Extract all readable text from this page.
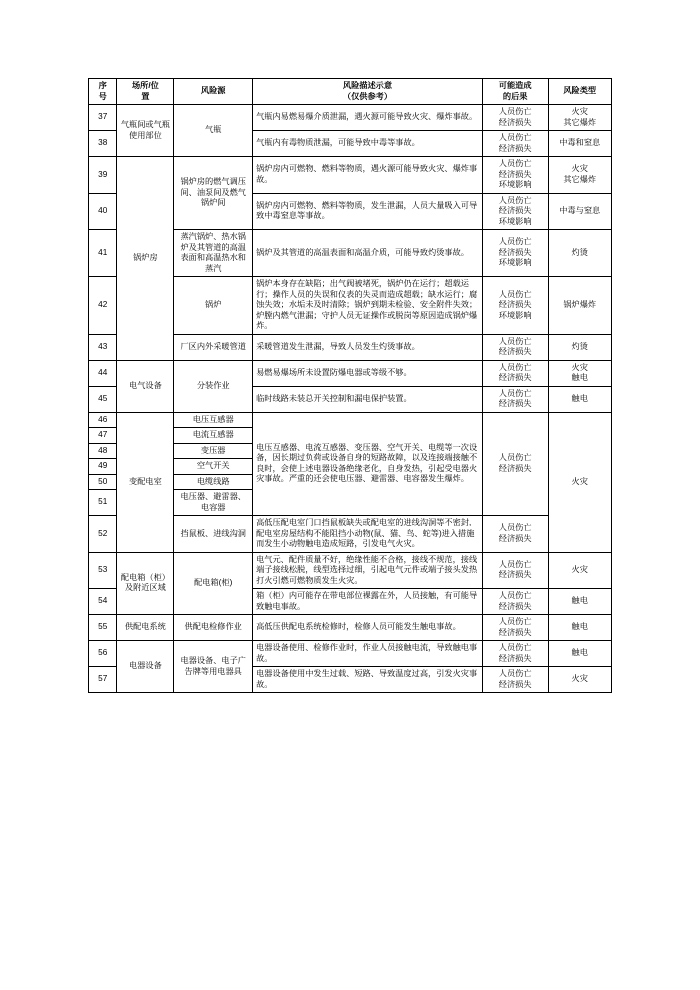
序
号

场所/位
置
	风险源	
风险描述示意
（仅供参考）

可能造成
的后果
	风险类型
37	气瓶间或气瓶使用部位	气瓶	气瓶内易燃易爆介质泄漏，遇火源可能导致火灾、爆炸事故。	人员伤亡
经济损失	火灾
其它爆炸
38			气瓶内有毒物质泄漏，可能导致中毒等事故。	人员伤亡
经济损失	中毒和窒息
39	锅炉房	锅炉房的燃气调压间、油泵间及燃气锅炉间	锅炉房内可燃物、燃料等物质，遇火源可能导致火灾、爆炸事故。	人员伤亡
经济损失
环境影响	火灾
其它爆炸
40			锅炉房内可燃物、燃料等物质，发生泄漏，人员大量吸入可导致中毒窒息等事故。	人员伤亡
经济损失
环境影响	中毒与窒息
41		蒸汽锅炉、热水锅炉及其管道的高温表面和高温热水和蒸汽	锅炉及其管道的高温表面和高温介质，可能导致灼烫事故。	人员伤亡
经济损失
环境影响	灼烫
42		锅炉	锅炉本身存在缺陷；出气阀被堵死，锅炉仍在运行；超载运行；操作人员的失误和仪表的失灵而造成超载；缺水运行；腐蚀失效；水垢未及时清除；锅炉到期未检验、安全附件失效；炉膛内燃气泄漏；守护人员无证操作或脱岗等原因造成锅炉爆炸。	人员伤亡
经济损失
环境影响	锅炉爆炸
43		厂区内外采暖管道	采暖管道发生泄漏，导致人员发生灼烫事故。	人员伤亡
经济损失	灼烫
44	电气设备	分装作业	易燃易爆场所未设置防爆电器或等级不够。	人员伤亡
经济损失	火灾
触电
45			临时线路未装总开关控制和漏电保护装置。	人员伤亡
经济损失	触电
46	变配电室	电压互感器	电压互感器、电流互感器、变压器、空气开关、电缆等一次设备，因长期过负荷或设备自身的短路故障，以及连接端接触不良时，会使上述电器设备绝缘老化，自身发热，引起受电器火灾事故。严重的还会使电压器、避雷器、电容器发生爆炸。	人员伤亡
经济损失	火灾
47		电流互感器			
48		变压器			
49		空气开关			
50		电缆线路			
51		电压器、避雷器、电容器			
52		挡鼠板、进线沟洞	高低压配电室门口挡鼠板缺失或配电室的进线沟洞等不密封,配电室房屋结构不能阻挡小动物(鼠、猫、鸟、蛇等)进入措施而发生小动物触电造成短路，引发电气火灾。	人员伤亡
经济损失	
53	配电箱（柜）及附近区域	配电箱(柜)	电气元、配件质量不好，绝缘性能不合格，接线不规范，接线端子接线松脱，线型选择过细，引起电气元件或端子接头发热打火引燃可燃物质发生火灾。	人员伤亡
经济损失	火灾
54			箱（柜）内可能存在带电部位裸露在外，人员接触，有可能导致触电事故。	人员伤亡
经济损失	触电
55	供配电系统	供配电检修作业	高低压供配电系统检修时，检修人员可能发生触电事故。	人员伤亡
经济损失	触电
56	电器设备	电器设备、电子广告牌等用电器具	电器设备使用、检修作业时，作业人员接触电流，导致触电事故。	人员伤亡
经济损失	触电
57			电器设备使用中发生过载、短路、导致温度过高，引发火灾事故。	人员伤亡
经济损失	火灾
